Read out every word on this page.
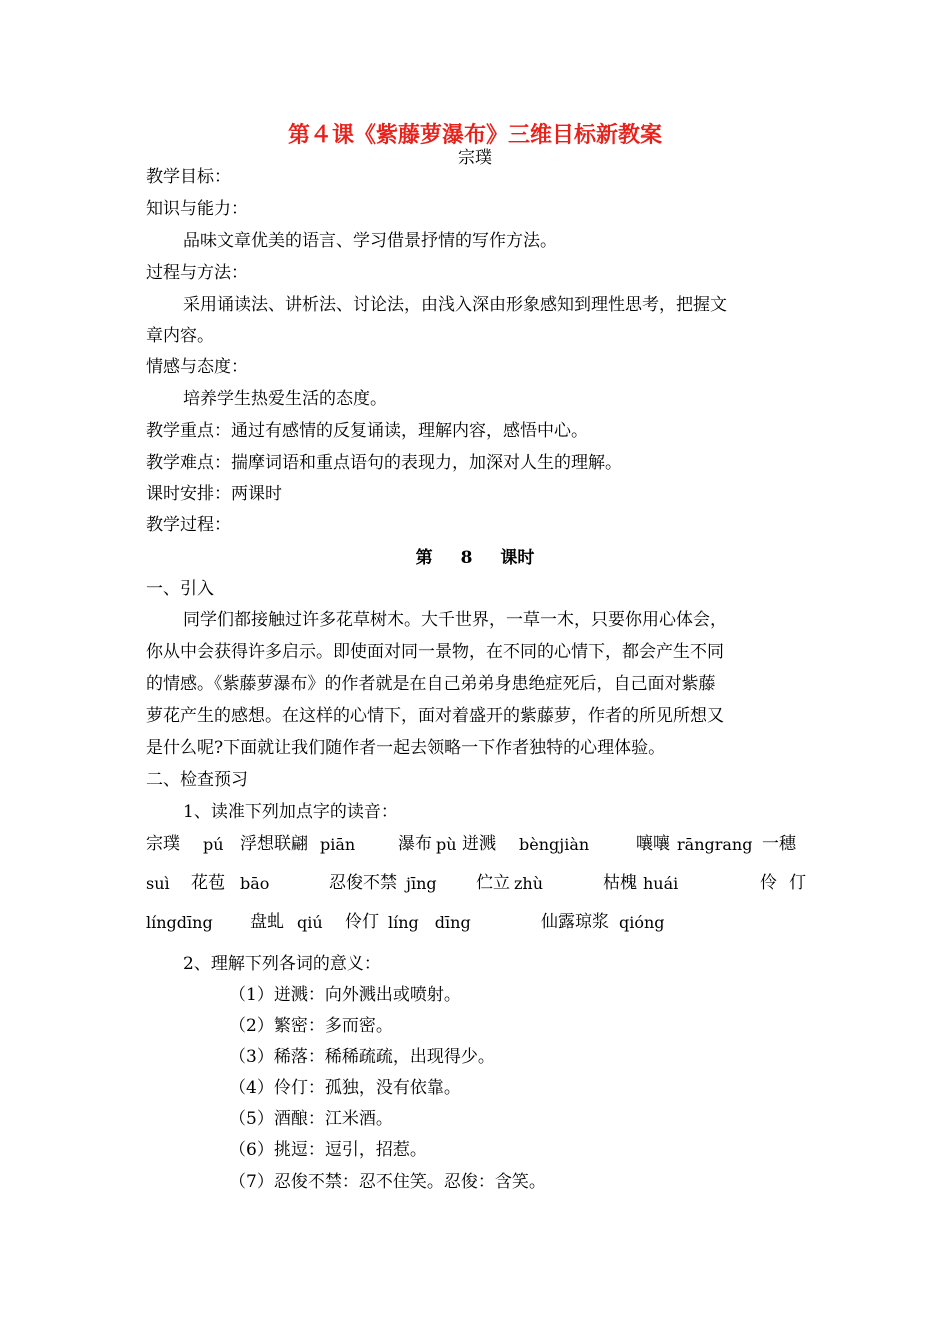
第４课《紫藤萝瀑布》三维目标新教案
宗璞
教学目标：
知识与能力：
品味文章优美的语言、学习借景抒情的写作方法。
过程与方法：
采用诵读法、讲析法、讨论法，由浅入深由形象感知到理性思考，把握文
章内容。
情感与态度：
培养学生热爱生活的态度。
教学重点：通过有感情的反复诵读，理解内容，感悟中心。
教学难点：揣摩词语和重点语句的表现力，加深对人生的理解。
课时安排：两课时
教学过程：
第 8 课时
一、引入
同学们都接触过许多花草树木。大千世界，一草一木，只要你用心体会，
你从中会获得许多启示。即使面对同一景物，在不同的心情下，都会产生不同
的情感。《紫藤萝瀑布》的作者就是在自己弟弟身患绝症死后，自己面对紫藤
萝花产生的感想。在这样的心情下，面对着盛开的紫藤萝，作者的所见所想又
是什么呢?下面就让我们随作者一起去领略一下作者独特的心理体验。
二、检查预习
1、读准下列加点字的读音：
宗璞 pú 浮想联翩 piān	瀑布 pù 迸溅 bèngjiàn	嚷嚷 rāngrang 一穗
suì 花苞 bāo	忍俊不禁 jīng 伫立 zhù	枯槐 huái	伶仃
língdīng 盘虬 qiú 伶仃 líng　dīng	仙露琼浆 qióng
2、理解下列各词的意义：
（1）迸溅：向外溅出或喷射。
（2）繁密：多而密。
（3）稀落：稀稀疏疏，出现得少。
（4）伶仃：孤独，没有依靠。
（5）酒酿：江米酒。
（6）挑逗：逗引，招惹。
（7）忍俊不禁：忍不住笑。忍俊：含笑。
